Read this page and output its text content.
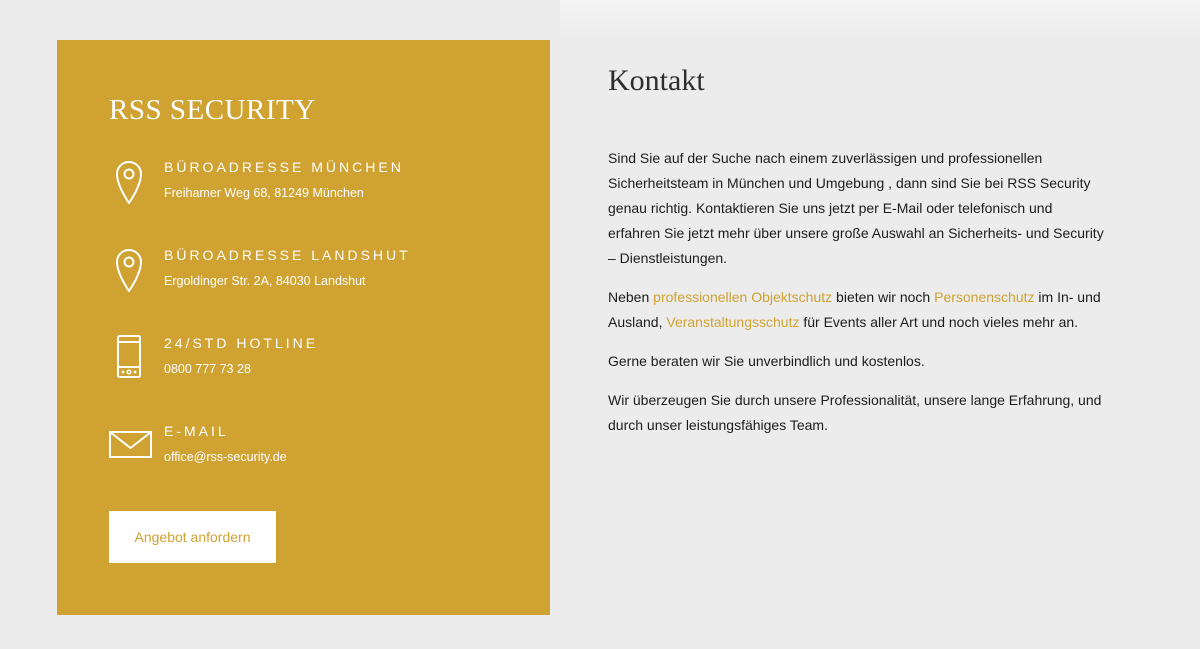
RSS SECURITY
BÜROADRESSE MÜNCHEN
Freihamer Weg 68, 81249 München
BÜROADRESSE LANDSHUT
Ergoldinger Str. 2A, 84030 Landshut
24/STD HOTLINE
0800 777 73 28
E-MAIL
office@rss-security.de
Angebot anfordern
Kontakt

Sind Sie auf der Suche nach einem zuverlässigen und professionellen Sicherheitsteam in München und Umgebung , dann sind Sie bei RSS Security genau richtig. Kontaktieren Sie uns jetzt per E-Mail oder telefonisch und erfahren Sie jetzt mehr über unsere große Auswahl an Sicherheits- und Security – Dienstleistungen.

Neben professionellen Objektschutz bieten wir noch Personenschutz im In- und Ausland, Veranstaltungsschutz für Events aller Art und noch vieles mehr an.

Gerne beraten wir Sie unverbindlich und kostenlos.

Wir überzeugen Sie durch unsere Professionalität, unsere lange Erfahrung, und durch unser leistungsfähiges Team.
